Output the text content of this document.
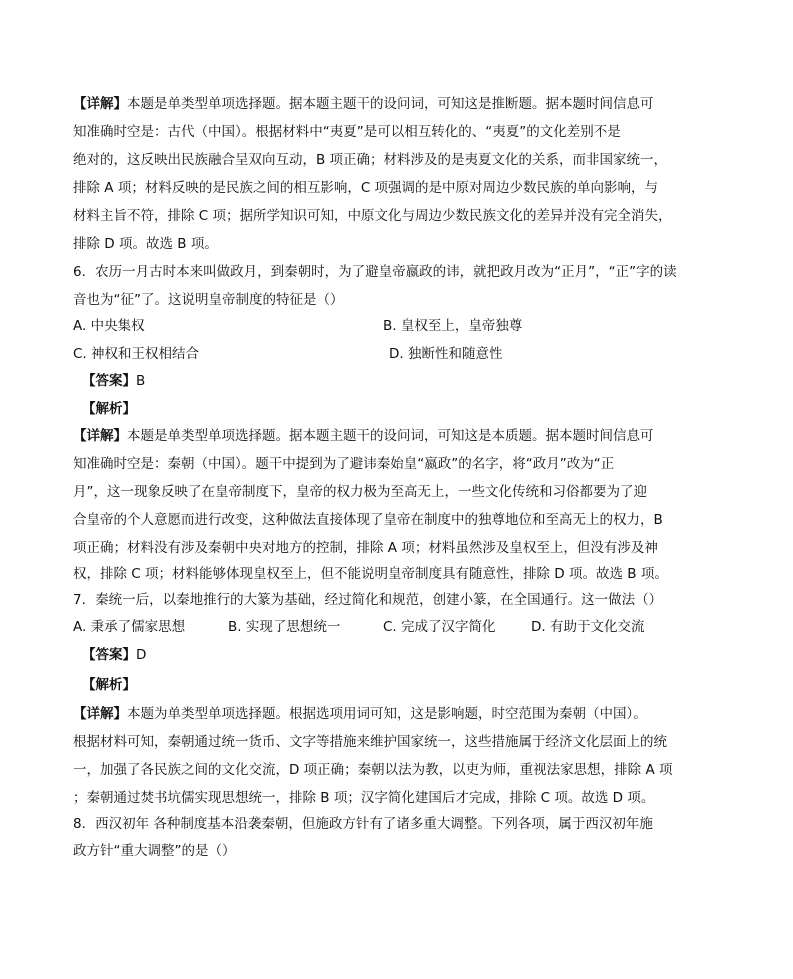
【详解】本题是单类型单项选择题。据本题主题干的设问词，可知这是推断题。据本题时间信息可
知准确时空是：古代（中国）。根据材料中“夷夏”是可以相互转化的、“夷夏”的文化差别不是
绝对的，这反映出民族融合呈双向互动，B 项正确；材料涉及的是夷夏文化的关系，而非国家统一，
排除 A 项；材料反映的是民族之间的相互影响，C 项强调的是中原对周边少数民族的单向影响，与
材料主旨不符，排除 C 项；据所学知识可知，中原文化与周边少数民族文化的差异并没有完全消失，
排除 D 项。故选 B 项。
6．农历一月古时本来叫做政月，到秦朝时，为了避皇帝嬴政的讳，就把政月改为“正月”，“正”字的读
音也为“征”了。这说明皇帝制度的特征是（）
A. 中央集权	B. 皇权至上，皇帝独尊
C. 神权和王权相结合	D. 独断性和随意性
【答案】B
【解析】
【详解】本题是单类型单项选择题。据本题主题干的设问词，可知这是本质题。据本题时间信息可
知准确时空是：秦朝（中国）。题干中提到为了避讳秦始皇“嬴政”的名字，将“政月”改为“正
月”，这一现象反映了在皇帝制度下，皇帝的权力极为至高无上，一些文化传统和习俗都要为了迎
合皇帝的个人意愿而进行改变，这种做法直接体现了皇帝在制度中的独尊地位和至高无上的权力，B
项正确；材料没有涉及秦朝中央对地方的控制，排除 A 项；材料虽然涉及皇权至上，但没有涉及神
权，排除 C 项；材料能够体现皇权至上，但不能说明皇帝制度具有随意性，排除 D 项。故选 B 项。
7．秦统一后，以秦地推行的大篆为基础，经过简化和规范，创建小篆，在全国通行。这一做法（）
A. 秉承了儒家思想	B. 实现了思想统一	C. 完成了汉字简化	D. 有助于文化交流
【答案】D
【解析】
【详解】本题为单类型单项选择题。根据选项用词可知，这是影响题，时空范围为秦朝（中国）。
根据材料可知，秦朝通过统一货币、文字等措施来维护国家统一，这些措施属于经济文化层面上的统
一，加强了各民族之间的文化交流，D 项正确；秦朝以法为教，以吏为师，重视法家思想，排除 A 项
；秦朝通过焚书坑儒实现思想统一，排除 B 项；汉字简化建国后才完成，排除 C 项。故选 D 项。
8．西汉初年 各种制度基本沿袭秦朝，但施政方针有了诸多重大调整。下列各项，属于西汉初年施
政方针“重大调整”的是（）
